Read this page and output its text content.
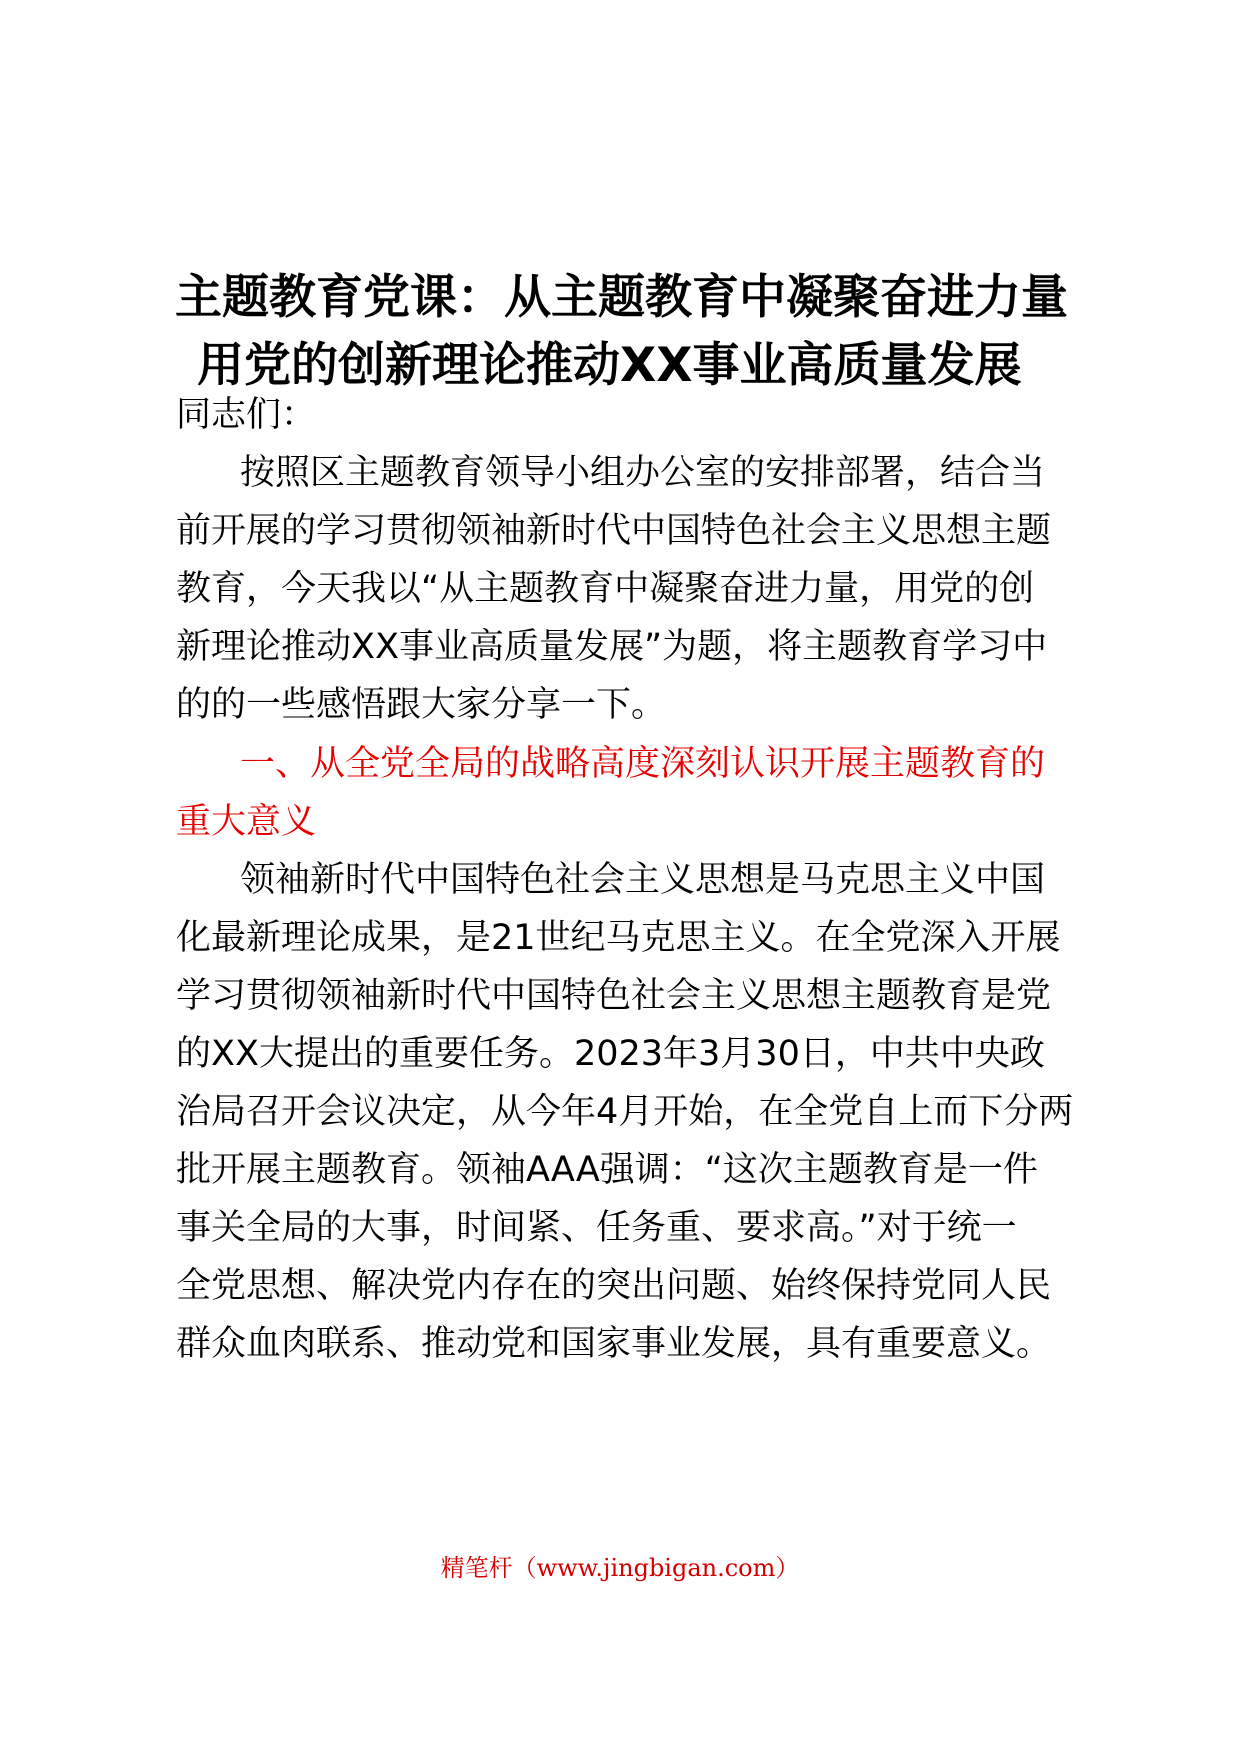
主题教育党课：从主题教育中凝聚奋进力量
用党的创新理论推动XX事业高质量发展
同志们：
按照区主题教育领导小组办公室的安排部署，结合当
前开展的学习贯彻领袖新时代中国特色社会主义思想主题
教育，今天我以“从主题教育中凝聚奋进力量，用党的创
新理论推动XX事业高质量发展”为题，将主题教育学习中
的的一些感悟跟大家分享一下。
一、从全党全局的战略高度深刻认识开展主题教育的
重大意义
领袖新时代中国特色社会主义思想是马克思主义中国
化最新理论成果，是21世纪马克思主义。在全党深入开展
学习贯彻领袖新时代中国特色社会主义思想主题教育是党
的XX大提出的重要任务。2023年3月30日，中共中央政
治局召开会议决定，从今年4月开始，在全党自上而下分两
批开展主题教育。领袖AAA强调：“这次主题教育是一件
事关全局的大事，时间紧、任务重、要求高。”对于统一
全党思想、解决党内存在的突出问题、始终保持党同人民
群众血肉联系、推动党和国家事业发展，具有重要意义。
精笔杆（www.jingbigan.com）
